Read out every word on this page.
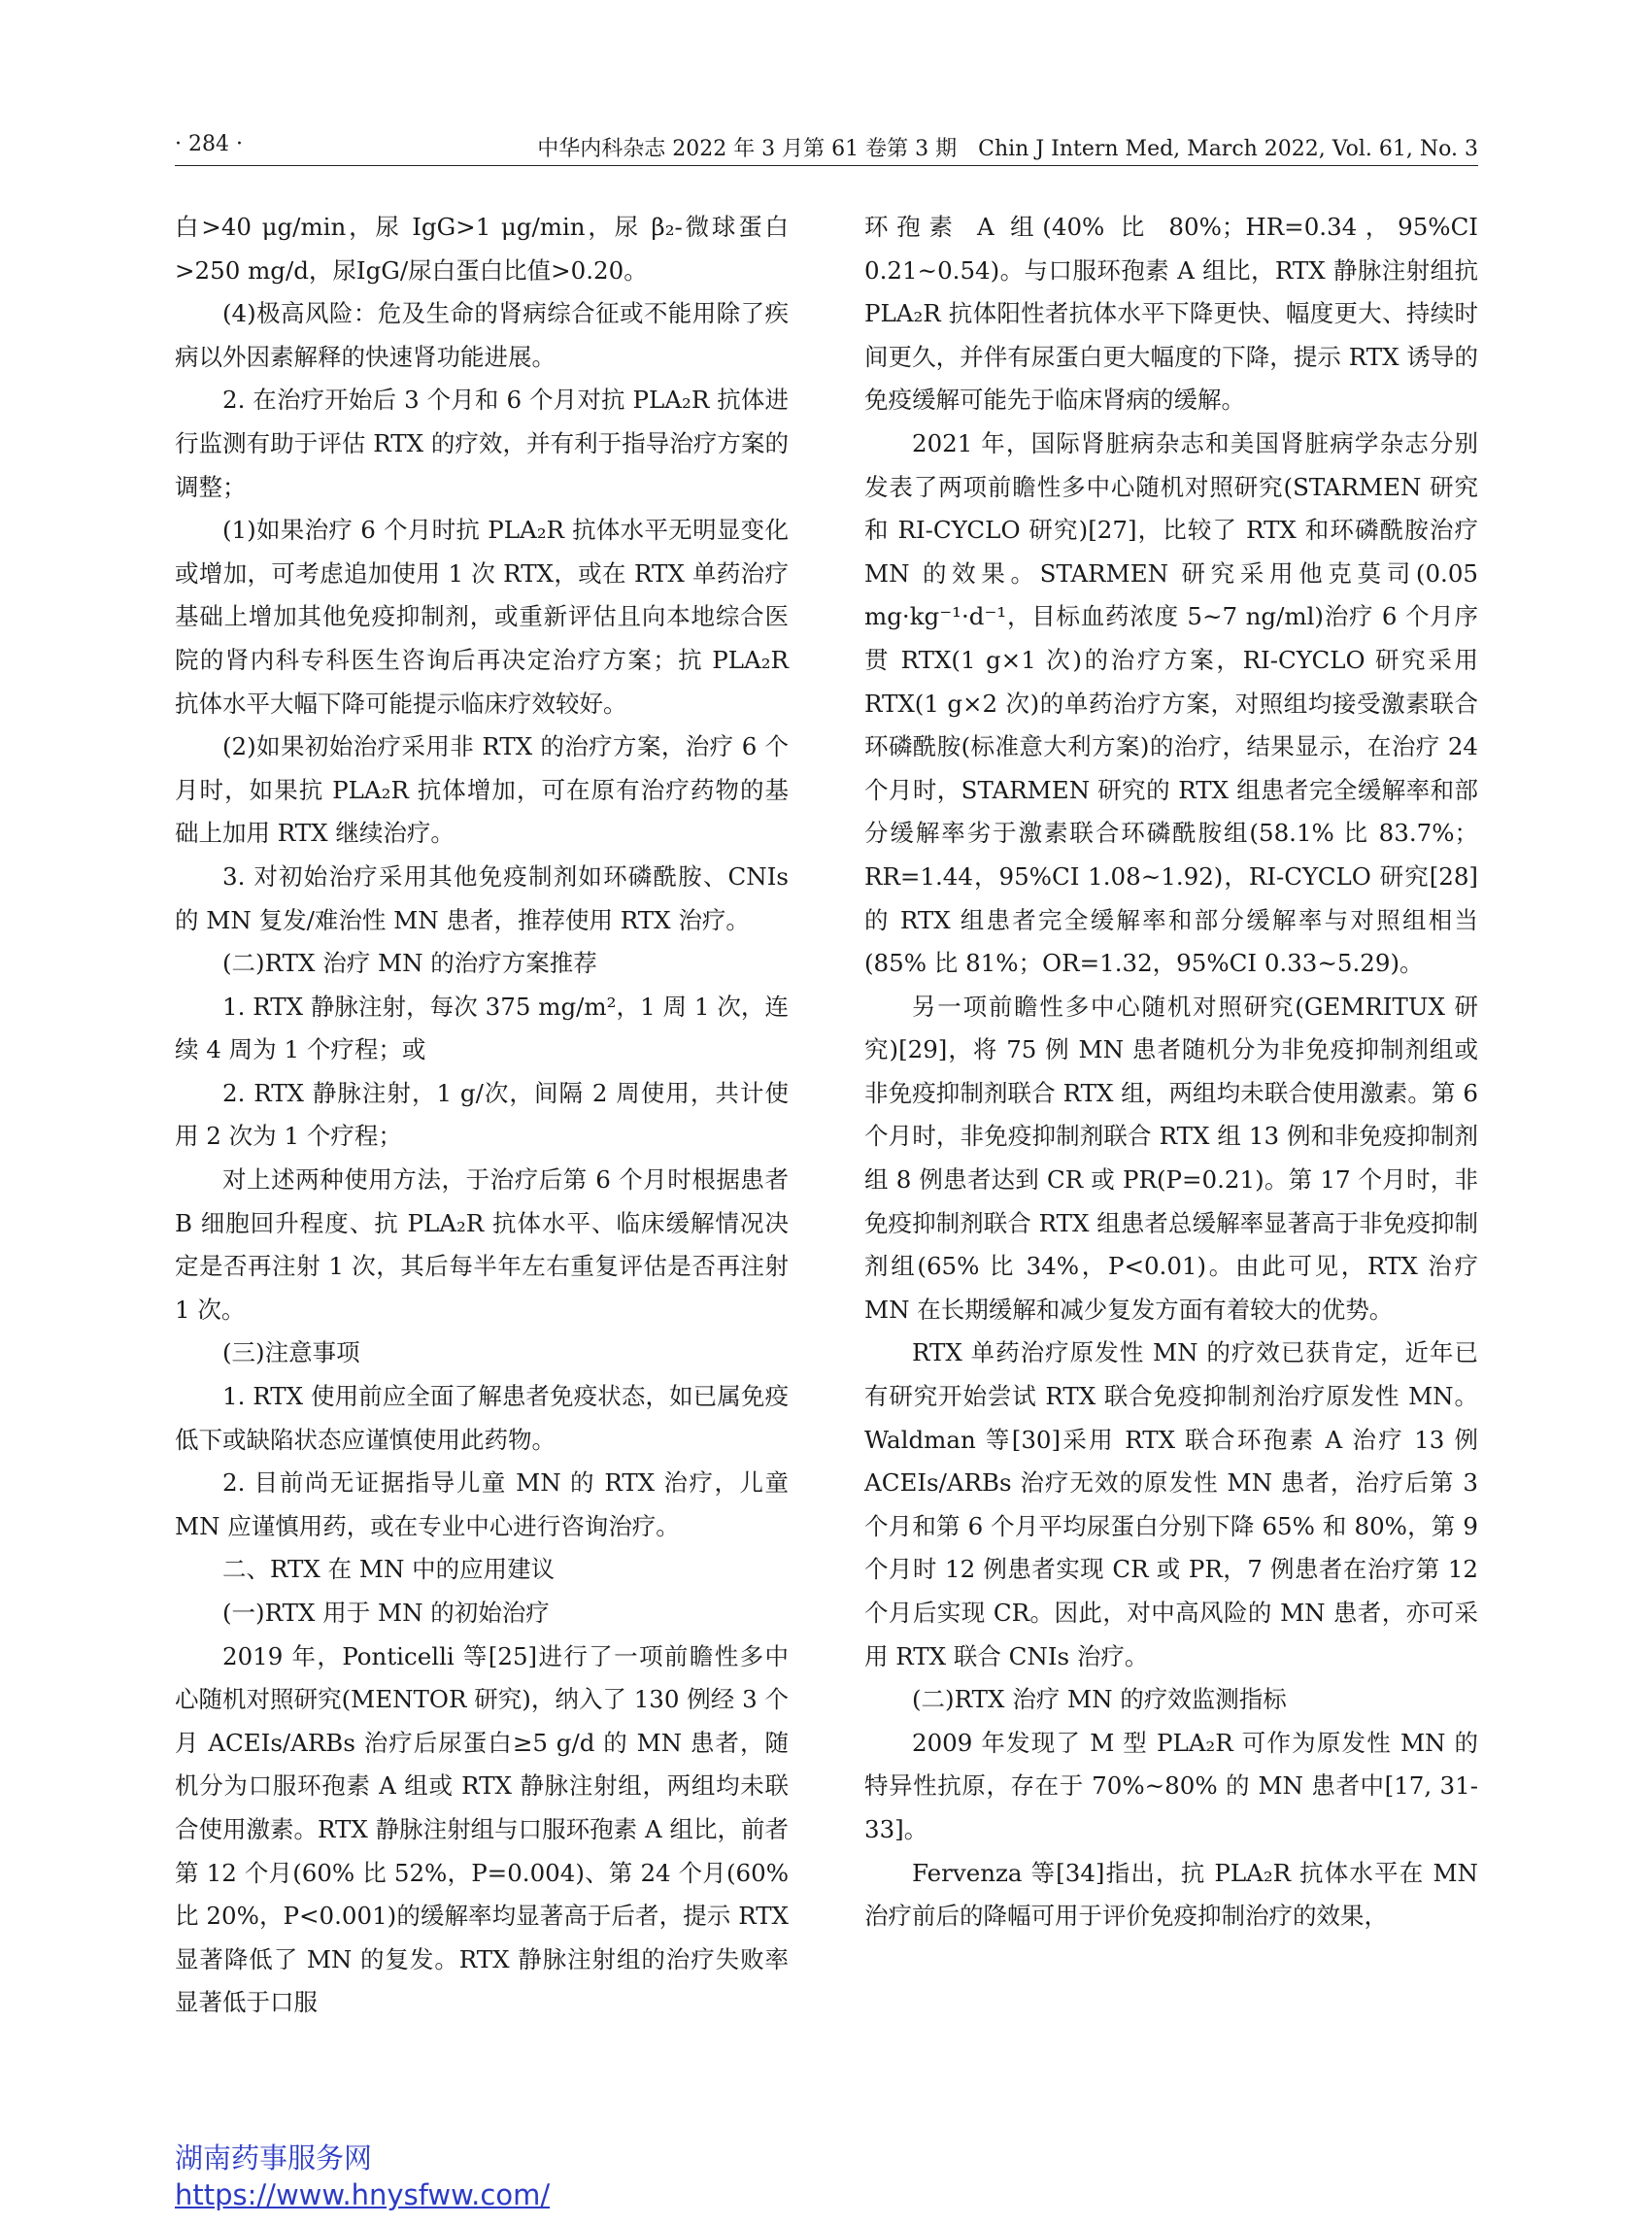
· 284 ·	中华内科杂志 2022 年 3 月第 61 卷第 3 期　Chin J Intern Med, March 2022, Vol. 61, No. 3

白>40 μg/min，尿 IgG>1 μg/min，尿 β₂-微球蛋白>250 mg/d，尿IgG/尿白蛋白比值>0.20。

(4)极高风险：危及生命的肾病综合征或不能用除了疾病以外因素解释的快速肾功能进展。

2. 在治疗开始后 3 个月和 6 个月对抗 PLA₂R 抗体进行监测有助于评估 RTX 的疗效，并有利于指导治疗方案的调整；

(1)如果治疗 6 个月时抗 PLA₂R 抗体水平无明显变化或增加，可考虑追加使用 1 次 RTX，或在 RTX 单药治疗基础上增加其他免疫抑制剂，或重新评估且向本地综合医院的肾内科专科医生咨询后再决定治疗方案；抗 PLA₂R 抗体水平大幅下降可能提示临床疗效较好。

(2)如果初始治疗采用非 RTX 的治疗方案，治疗 6 个月时，如果抗 PLA₂R 抗体增加，可在原有治疗药物的基础上加用 RTX 继续治疗。

3. 对初始治疗采用其他免疫制剂如环磷酰胺、CNIs 的 MN 复发/难治性 MN 患者，推荐使用 RTX 治疗。

(二)RTX 治疗 MN 的治疗方案推荐

1. RTX 静脉注射，每次 375 mg/m²，1 周 1 次，连续 4 周为 1 个疗程；或

2. RTX 静脉注射，1 g/次，间隔 2 周使用，共计使用 2 次为 1 个疗程；

对上述两种使用方法，于治疗后第 6 个月时根据患者 B 细胞回升程度、抗 PLA₂R 抗体水平、临床缓解情况决定是否再注射 1 次，其后每半年左右重复评估是否再注射 1 次。

(三)注意事项

1. RTX 使用前应全面了解患者免疫状态，如已属免疫低下或缺陷状态应谨慎使用此药物。

2. 目前尚无证据指导儿童 MN 的 RTX 治疗，儿童 MN 应谨慎用药，或在专业中心进行咨询治疗。

二、RTX 在 MN 中的应用建议

(一)RTX 用于 MN 的初始治疗

2019 年，Ponticelli 等[25]进行了一项前瞻性多中心随机对照研究(MENTOR 研究)，纳入了 130 例经 3 个月 ACEIs/ARBs 治疗后尿蛋白≥5 g/d 的 MN 患者，随机分为口服环孢素 A 组或 RTX 静脉注射组，两组均未联合使用激素。RTX 静脉注射组与口服环孢素 A 组比，前者第 12 个月(60% 比 52%，P=0.004)、第 24 个月(60% 比 20%，P<0.001)的缓解率均显著高于后者，提示 RTX 显著降低了 MN 的复发。RTX 静脉注射组的治疗失败率显著低于口服

环孢素 A 组(40% 比 80%；HR=0.34，95%CI 0.21~0.54)。与口服环孢素 A 组比，RTX 静脉注射组抗 PLA₂R 抗体阳性者抗体水平下降更快、幅度更大、持续时间更久，并伴有尿蛋白更大幅度的下降，提示 RTX 诱导的免疫缓解可能先于临床肾病的缓解。

2021 年，国际肾脏病杂志和美国肾脏病学杂志分别发表了两项前瞻性多中心随机对照研究(STARMEN 研究和 RI-CYCLO 研究)[27]，比较了 RTX 和环磷酰胺治疗 MN 的效果。STARMEN 研究采用他克莫司(0.05 mg·kg⁻¹·d⁻¹，目标血药浓度 5~7 ng/ml)治疗 6 个月序贯 RTX(1 g×1 次)的治疗方案，RI-CYCLO 研究采用 RTX(1 g×2 次)的单药治疗方案，对照组均接受激素联合环磷酰胺(标准意大利方案)的治疗，结果显示，在治疗 24 个月时，STARMEN 研究的 RTX 组患者完全缓解率和部分缓解率劣于激素联合环磷酰胺组(58.1% 比 83.7%；RR=1.44，95%CI 1.08~1.92)，RI-CYCLO 研究[28]的 RTX 组患者完全缓解率和部分缓解率与对照组相当(85% 比 81%；OR=1.32，95%CI 0.33~5.29)。

另一项前瞻性多中心随机对照研究(GEMRITUX 研究)[29]，将 75 例 MN 患者随机分为非免疫抑制剂组或非免疫抑制剂联合 RTX 组，两组均未联合使用激素。第 6 个月时，非免疫抑制剂联合 RTX 组 13 例和非免疫抑制剂组 8 例患者达到 CR 或 PR(P=0.21)。第 17 个月时，非免疫抑制剂联合 RTX 组患者总缓解率显著高于非免疫抑制剂组(65% 比 34%，P<0.01)。由此可见，RTX 治疗 MN 在长期缓解和减少复发方面有着较大的优势。

RTX 单药治疗原发性 MN 的疗效已获肯定，近年已有研究开始尝试 RTX 联合免疫抑制剂治疗原发性 MN。Waldman 等[30]采用 RTX 联合环孢素 A 治疗 13 例 ACEIs/ARBs 治疗无效的原发性 MN 患者，治疗后第 3 个月和第 6 个月平均尿蛋白分别下降 65% 和 80%，第 9 个月时 12 例患者实现 CR 或 PR，7 例患者在治疗第 12 个月后实现 CR。因此，对中高风险的 MN 患者，亦可采用 RTX 联合 CNIs 治疗。

(二)RTX 治疗 MN 的疗效监测指标

2009 年发现了 M 型 PLA₂R 可作为原发性 MN 的特异性抗原，存在于 70%~80% 的 MN 患者中[17, 31-33]。

Fervenza 等[34]指出，抗 PLA₂R 抗体水平在 MN 治疗前后的降幅可用于评价免疫抑制治疗的效果，

湖南药事服务网
https://www.hnysfww.com/
